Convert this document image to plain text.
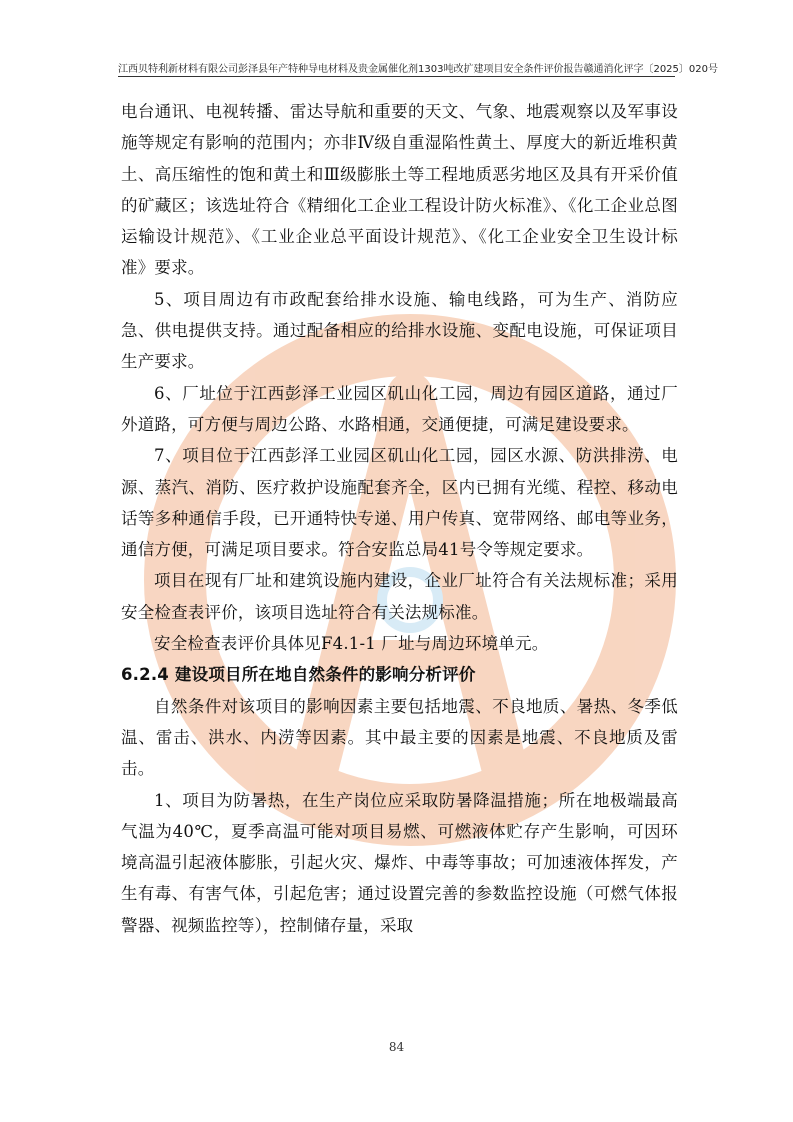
江西贝特利新材料有限公司彭泽县年产特种导电材料及贵金属催化剂1303吨改扩建项目安全条件评价报告 赣通消化评字〔2025〕020号

电台通讯、电视转播、雷达导航和重要的天文、气象、地震观察以及军事设施等规定有影响的范围内；亦非Ⅳ级自重湿陷性黄土、厚度大的新近堆积黄土、高压缩性的饱和黄土和Ⅲ级膨胀土等工程地质恶劣地区及具有开采价值的矿藏区；该选址符合《精细化工企业工程设计防火标准》、《化工企业总图运输设计规范》、《工业企业总平面设计规范》、《化工企业安全卫生设计标准》要求。

5、项目周边有市政配套给排水设施、输电线路，可为生产、消防应急、供电提供支持。通过配备相应的给排水设施、变配电设施，可保证项目生产要求。

6、厂址位于江西彭泽工业园区矶山化工园，周边有园区道路，通过厂外道路，可方便与周边公路、水路相通，交通便捷，可满足建设要求。

7、项目位于江西彭泽工业园区矶山化工园，园区水源、防洪排涝、电源、蒸汽、消防、医疗救护设施配套齐全，区内已拥有光缆、程控、移动电话等多种通信手段，已开通特快专递、用户传真、宽带网络、邮电等业务，通信方便，可满足项目要求。符合安监总局41号令等规定要求。

项目在现有厂址和建筑设施内建设，企业厂址符合有关法规标准；采用安全检查表评价，该项目选址符合有关法规标准。

安全检查表评价具体见F4.1-1 厂址与周边环境单元。

6.2.4 建设项目所在地自然条件的影响分析评价

自然条件对该项目的影响因素主要包括地震、不良地质、暑热、冬季低温、雷击、洪水、内涝等因素。其中最主要的因素是地震、不良地质及雷击。

1、项目为防暑热，在生产岗位应采取防暑降温措施；所在地极端最高气温为40℃，夏季高温可能对项目易燃、可燃液体贮存产生影响，可因环境高温引起液体膨胀，引起火灾、爆炸、中毒等事故；可加速液体挥发，产生有毒、有害气体，引起危害；通过设置完善的参数监控设施（可燃气体报警器、视频监控等），控制储存量，采取

84
